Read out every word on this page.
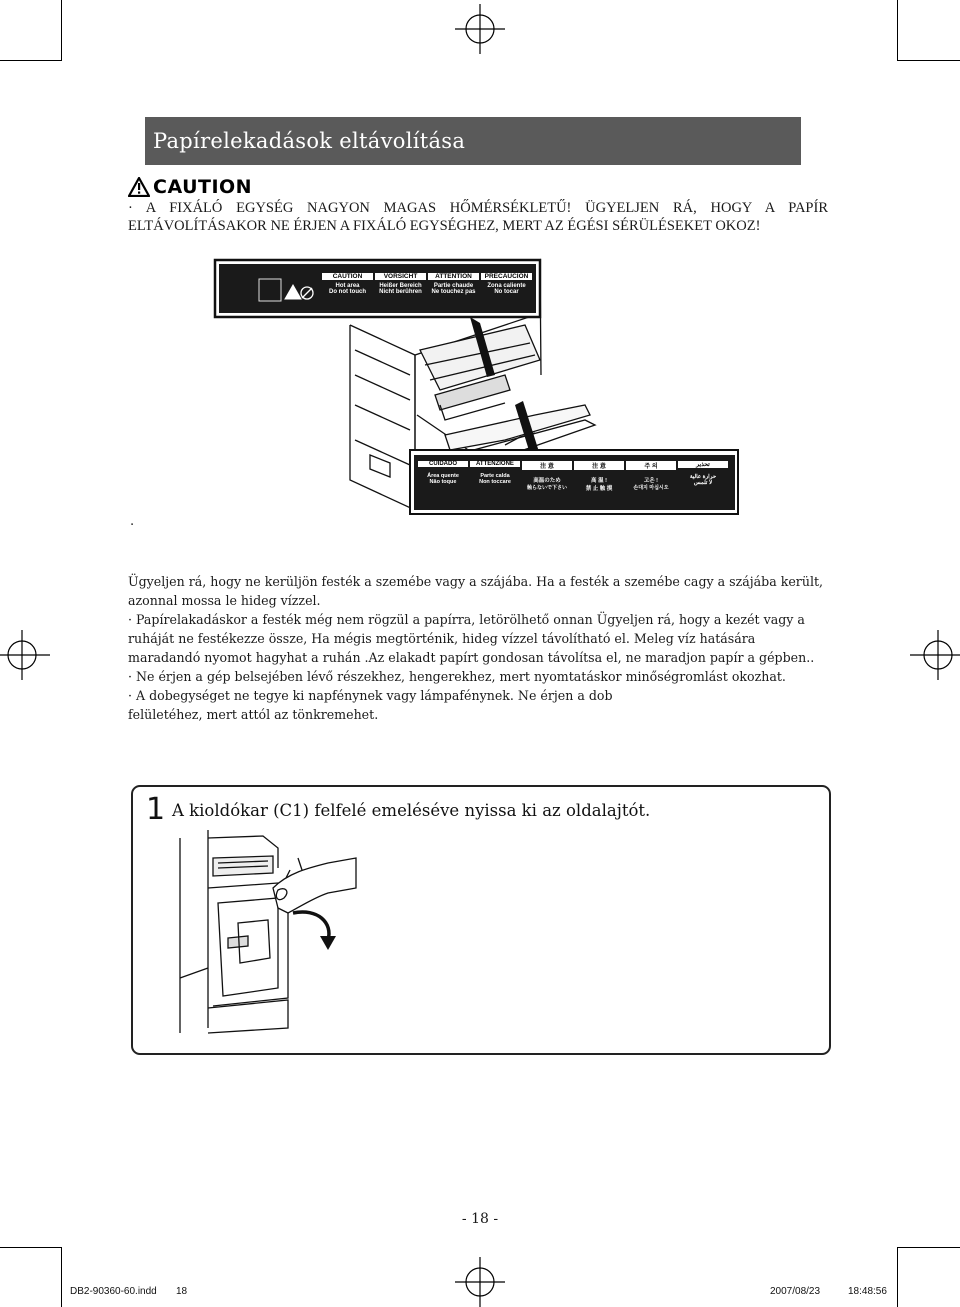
Papírelekadások eltávolítása
CAUTION
· A FIXÁLÓ EGYSÉG NAGYON MAGAS HŐMÉRSÉKLETŰ! ÜGYELJEN RÁ, HOGY A PAPÍR ELTÁVOLÍTÁSAKOR NE ÉRJEN A FIXÁLÓ EGYSÉGHEZ, MERT AZ ÉGÉSI SÉRÜLÉSEKET OKOZ!
CAUTION
Hot area
Do not touch
VORSICHT
Heißer Bereich
Nicht berühren
ATTENTION
Partie chaude
Ne touchez pas
PRECAUCIÓN
Zona caliente
No tocar
CUIDADO
Área quente
Não toque
ATTENZIONE
Parte calda
Non toccare
注 意
高温のため
触らないで下さい
注 意
高 温 !
禁 止 触 摸
주 의
고온 !
손대지 마십시오
تحذير
حرارة عالية
لا تلمس
.

Ügyeljen rá, hogy ne kerüljön festék a szemébe vagy a szájába. Ha a festék a szemébe cagy a szájába került, azonnal mossa le hideg vízzel.

· Papírelakadáskor a festék még nem rögzül a papírra, letörölhető onnan Ügyeljen rá, hogy a kezét vagy a ruháját ne festékezze össze, Ha mégis megtörténik, hideg vízzel távolítható el. Meleg víz hatására maradandó nyomot hagyhat a ruhán .Az elakadt papírt gondosan távolítsa el, ne maradjon papír a gépben..

· Ne érjen a gép belsejében lévő részekhez, hengerekhez, mert nyomtatáskor minőségromlást okozhat.

· A dobegységet ne tegye ki napfénynek vagy lámpafénynek. Ne érjen a dob felületéhez, mert attól az tönkremehet.

1 A kioldókar (C1) felfelé emelésév​e nyissa ki az oldalajtót.
- 18 -
DB2-90360-60.indd 18	2007/08/23	18:48:56
